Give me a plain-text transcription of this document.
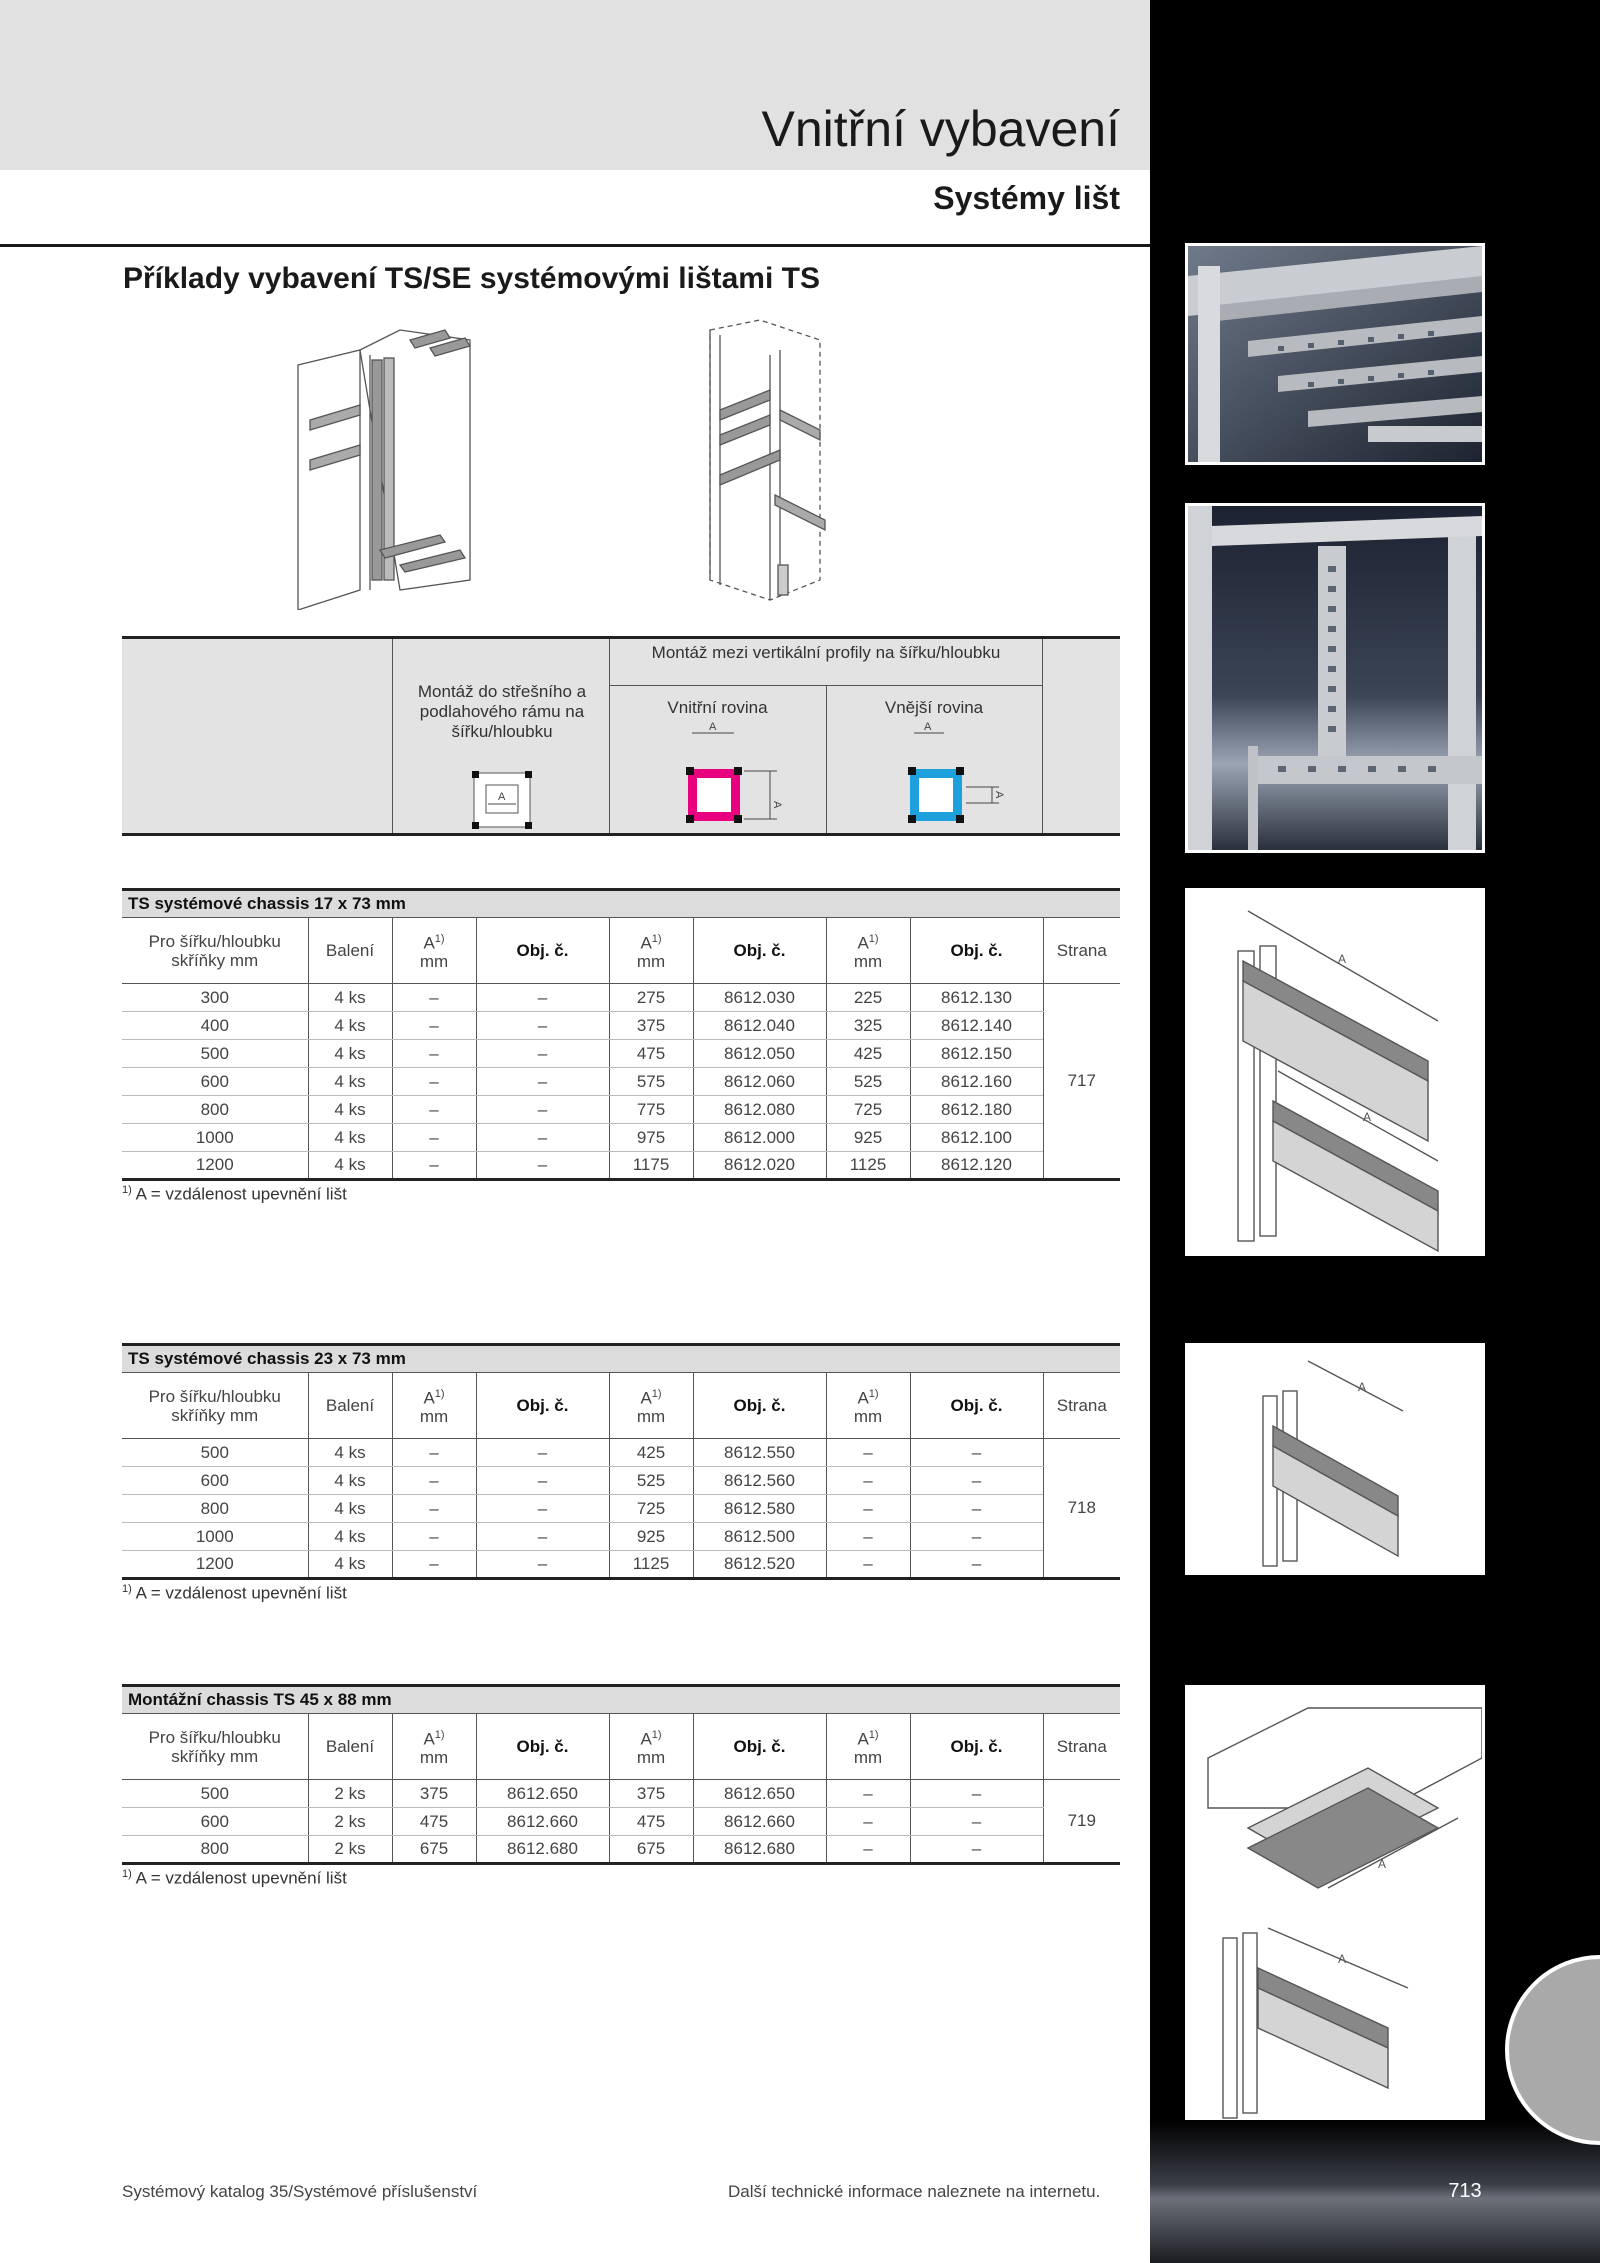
Vnitřní vybavení
Systémy lišt
A
A
A
A
A
713
Příklady vybavení TS/SE systémovými lištami TS
Montáž do střešního a podlahového rámu na šířku/hloubku
Montáž mezi vertikální profily na šířku/hloubku
Vnitřní rovina	Vnější rovina
A
A
A
A
A
TS systémové chassis 17 x 73 mm								
Pro šířku/hloubku skříňky mm	Balení	$A^{1)}$
mm	Obj. č.	$A^{1)}$
mm	Obj. č.	$A^{1)}$
mm	Obj. č.	Strana
300	4 ks	–	–	275	8612.030	225	8612.130	717
400	4 ks	–	–	375	8612.040	325	8612.140	
500	4 ks	–	–	475	8612.050	425	8612.150	
600	4 ks	–	–	575	8612.060	525	8612.160	
800	4 ks	–	–	775	8612.080	725	8612.180	
1000	4 ks	–	–	975	8612.000	925	8612.100	
1200	4 ks	–	–	1175	8612.020	1125	8612.120	
$^{1)}$ A = vzdálenost upevnění lišt
TS systémové chassis 23 x 73 mm								
Pro šířku/hloubku skříňky mm	Balení	$A^{1)}$
mm	Obj. č.	$A^{1)}$
mm	Obj. č.	$A^{1)}$
mm	Obj. č.	Strana
500	4 ks	–	–	425	8612.550	–	–	718
600	4 ks	–	–	525	8612.560	–	–	
800	4 ks	–	–	725	8612.580	–	–	
1000	4 ks	–	–	925	8612.500	–	–	
1200	4 ks	–	–	1125	8612.520	–	–	
$^{1)}$ A = vzdálenost upevnění lišt
Montážní chassis TS 45 x 88 mm								
Pro šířku/hloubku skříňky mm	Balení	$A^{1)}$
mm	Obj. č.	$A^{1)}$
mm	Obj. č.	$A^{1)}$
mm	Obj. č.	Strana
500	2 ks	375	8612.650	375	8612.650	–	–	719
600	2 ks	475	8612.660	475	8612.660	–	–	
800	2 ks	675	8612.680	675	8612.680	–	–	
$^{1)}$ A = vzdálenost upevnění lišt
Systémový katalog 35/Systémové příslušenství	Další technické informace naleznete na internetu.
